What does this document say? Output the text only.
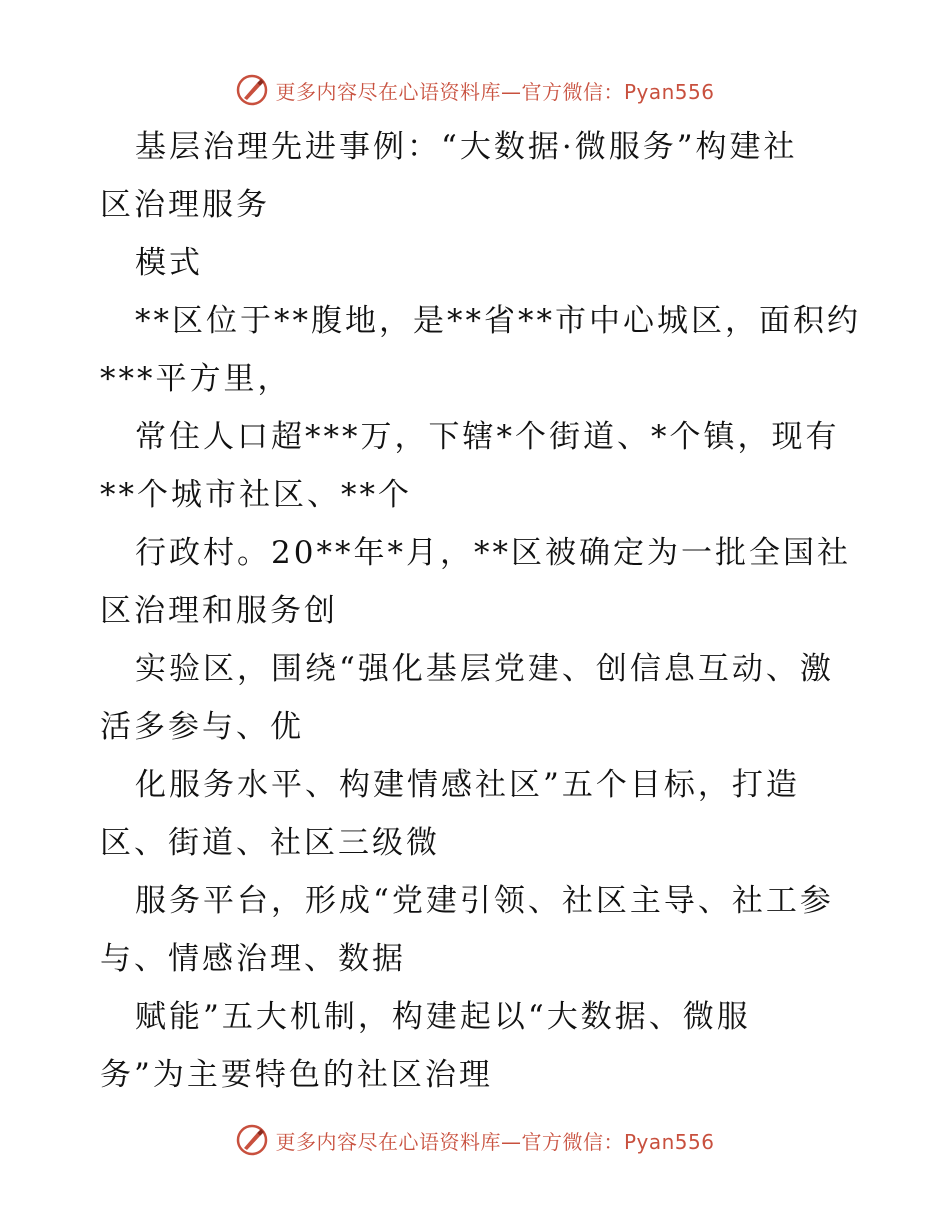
更多内容尽在心语资料库—官方微信：Pyan556
基层治理先进事例：“大数据·微服务”构建社
区治理服务
模式
**区位于**腹地，是**省**市中心城区，面积约
***平方里，
常住人口超***万，下辖*个街道、*个镇，现有
**个城市社区、**个
行政村。20**年*月，**区被确定为一批全国社
区治理和服务创
实验区，围绕“强化基层党建、创信息互动、激
活多参与、优
化服务水平、构建情感社区”五个目标，打造
区、街道、社区三级微
服务平台，形成“党建引领、社区主导、社工参
与、情感治理、数据
赋能”五大机制，构建起以“大数据、微服
务”为主要特色的社区治理
更多内容尽在心语资料库—官方微信：Pyan556
